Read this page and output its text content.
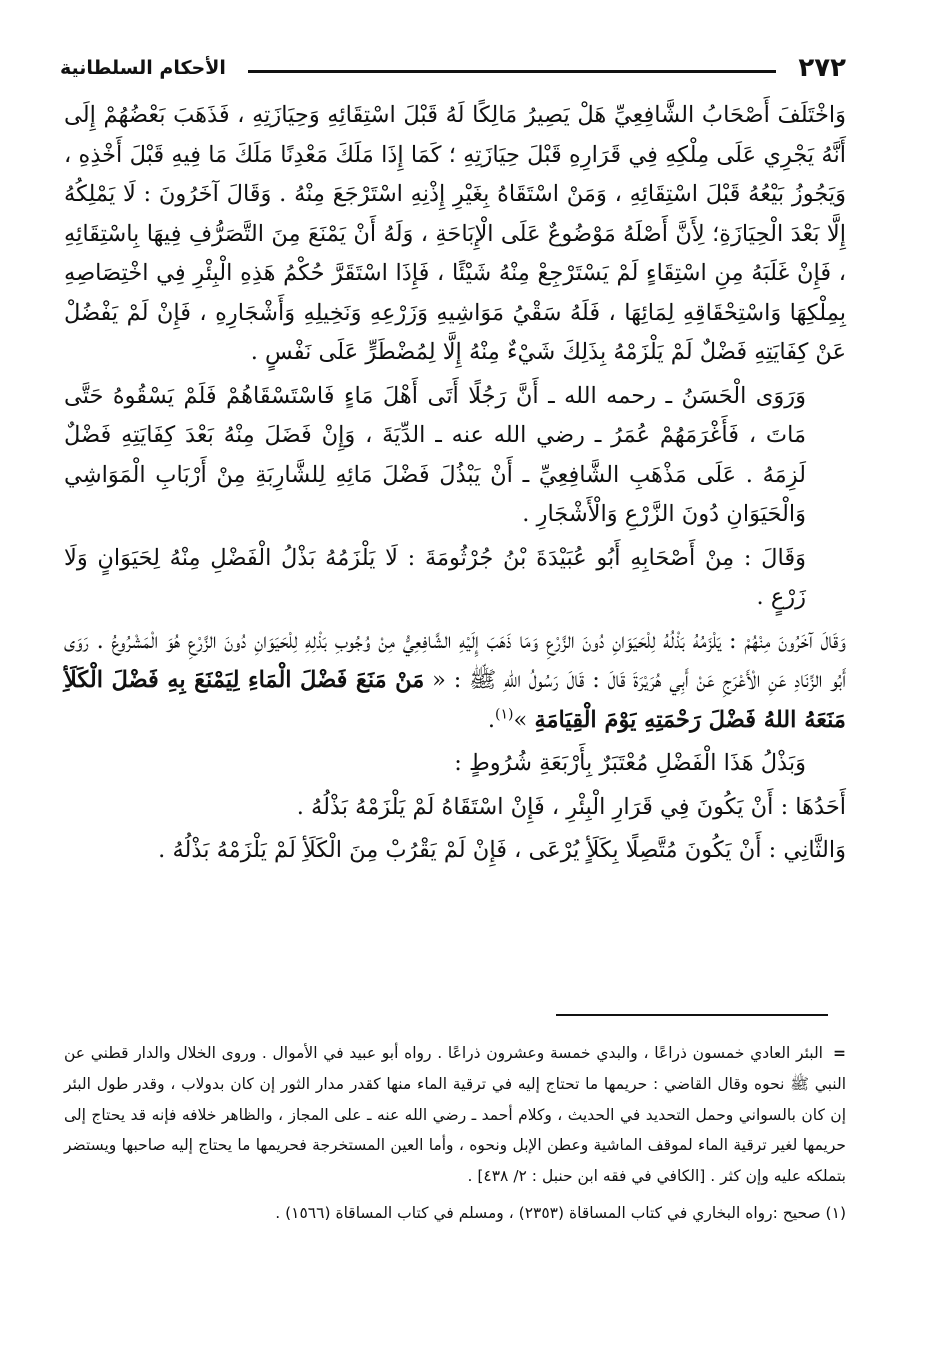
٢٧٢
الأحكام السلطانية

وَاخْتَلَفَ أَصْحَابُ الشَّافِعِيِّ هَلْ يَصِيرُ مَالِكًا لَهُ قَبْلَ اسْتِقَائِهِ وَحِيَازَتِهِ ، فَذَهَبَ بَعْضُهُمْ إِلَى أَنَّهُ يَجْرِي عَلَى مِلْكِهِ فِي قَرَارِهِ قَبْلَ حِيَازَتِهِ ؛ كَمَا إِذَا مَلَكَ مَعْدِنًا مَلَكَ مَا فِيهِ قَبْلَ أَخْذِهِ ، وَيَجُوزُ بَيْعُهُ قَبْلَ اسْتِقَائِهِ ، وَمَنْ اسْتَقَاهُ بِغَيْرِ إِذْنِهِ اسْتَرْجَعَ مِنْهُ . وَقَالَ آخَرُونَ : لَا يَمْلِكُهُ إِلَّا بَعْدَ الْحِيَازَةِ؛ لِأَنَّ أَصْلَهُ مَوْضُوعٌ عَلَى الْإِبَاحَةِ ، وَلَهُ أَنْ يَمْنَعَ مِنَ التَّصَرُّفِ فِيهَا بِاسْتِقَائِهِ ، فَإِنْ غَلَبَهُ مِنِ اسْتِقَاءٍ لَمْ يَسْتَرْجِعْ مِنْهُ شَيْئًا ، فَإِذَا اسْتَقَرَّ حُكْمُ هَذِهِ الْبِئْرِ فِي اخْتِصَاصِهِ بِمِلْكِهَا وَاسْتِحْقَاقِهِ لِمَائِهَا ، فَلَهُ سَقْيُ مَوَاشِيهِ وَزَرْعِهِ وَنَخِيلِهِ وَأَشْجَارِهِ ، فَإِنْ لَمْ يَفْضُلْ عَنْ كِفَايَتِهِ فَضْلٌ لَمْ يَلْزَمْهُ بِذَلِكَ شَيْءٌ مِنْهُ إِلَّا لِمُضْطَرٍّ عَلَى نَفْسٍ .

وَرَوَى الْحَسَنُ ـ رحمه الله ـ أَنَّ رَجُلًا أَتَى أَهْلَ مَاءٍ فَاسْتَسْقَاهُمْ فَلَمْ يَسْقُوهُ حَتَّى مَاتَ ، فَأَغْرَمَهُمْ عُمَرُ ـ رضي الله عنه ـ الدِّيَةَ ، وَإِنْ فَضَلَ مِنْهُ بَعْدَ كِفَايَتِهِ فَضْلٌ لَزِمَهُ . عَلَى مَذْهَبِ الشَّافِعِيِّ ـ أَنْ يَبْذُلَ فَضْلَ مَائِهِ لِلشَّارِبَةِ مِنْ أَرْبَابِ الْمَوَاشِي وَالْحَيَوَانِ دُونَ الزَّرْعِ وَالْأَشْجَارِ .

وَقَالَ : مِنْ أَصْحَابِهِ أَبُو عُبَيْدَةَ بْنُ جُرْثُومَةَ : لَا يَلْزَمُهُ بَذْلُ الْفَضْلِ مِنْهُ لِحَيَوَانٍ وَلَا زَرْعٍ .

وَقَالَ آخَرُونَ مِنْهُمْ : يَلْزَمُهُ بَذْلُهُ لِلْحَيَوَانِ دُونَ الزَّرْعِ وَمَا ذَهَبَ إِلَيْهِ الشَّافِعِيُّ مِنْ وُجُوبِ بَذْلِهِ لِلْحَيَوَانِ دُونَ الزَّرْعِ هُوَ الْمَشْرُوعُ . رَوَى أَبُو الزِّنَادِ عَنِ الْأَعْرَجِ عَنْ أَبِي هُرَيْرَةَ قَالَ : قَالَ رَسُولُ اللهِ ﷺ : « مَنْ مَنَعَ فَضْلَ الْمَاءِ لِيَمْنَعَ بِهِ فَضْلَ الْكَلَأِ مَنَعَهُ اللهُ فَضْلَ رَحْمَتِهِ يَوْمَ الْقِيَامَةِ »$^{(١)}$.

وَبَذْلُ هَذَا الْفَضْلِ مُعْتَبَرٌ بِأَرْبَعَةِ شُرُوطٍ :

أَحَدُهَا : أَنْ يَكُونَ فِي قَرَارِ الْبِئْرِ ، فَإِنْ اسْتَقَاهُ لَمْ يَلْزَمْهُ بَذْلُهُ .

وَالثَّانِي : أَنْ يَكُونَ مُتَّصِلًا بِكَلَأٍ يُرْعَى ، فَإِنْ لَمْ يَقْرُبْ مِنَ الْكَلَأِ لَمْ يَلْزَمْهُ بَذْلُهُ .

=البئر العادي خمسون ذراعًا ، والبدي خمسة وعشرون ذراعًا . رواه أبو عبيد في الأموال . وروى الخلال والدار قطني عن النبي ﷺ نحوه وقال القاضي : حريمها ما تحتاج إليه في ترقية الماء منها كقدر مدار الثور إن كان بدولاب ، وقدر طول البئر إن كان بالسواني وحمل التحديد في الحديث ، وكلام أحمد ـ رضي الله عنه ـ على المجاز ، والظاهر خلافه فإنه قد يحتاج إلى حريمها لغير ترقية الماء لموقف الماشية وعطن الإبل ونحوه ، وأما العين المستخرجة فحريمها ما يحتاج إليه صاحبها ويستضر بتملكه عليه وإن كثر . [الكافي في فقه ابن حنبل : ٢/ ٤٣٨] .

(١) صحيح :رواه البخاري في كتاب المساقاة (٢٣٥٣) ، ومسلم في كتاب المساقاة (١٥٦٦) .
